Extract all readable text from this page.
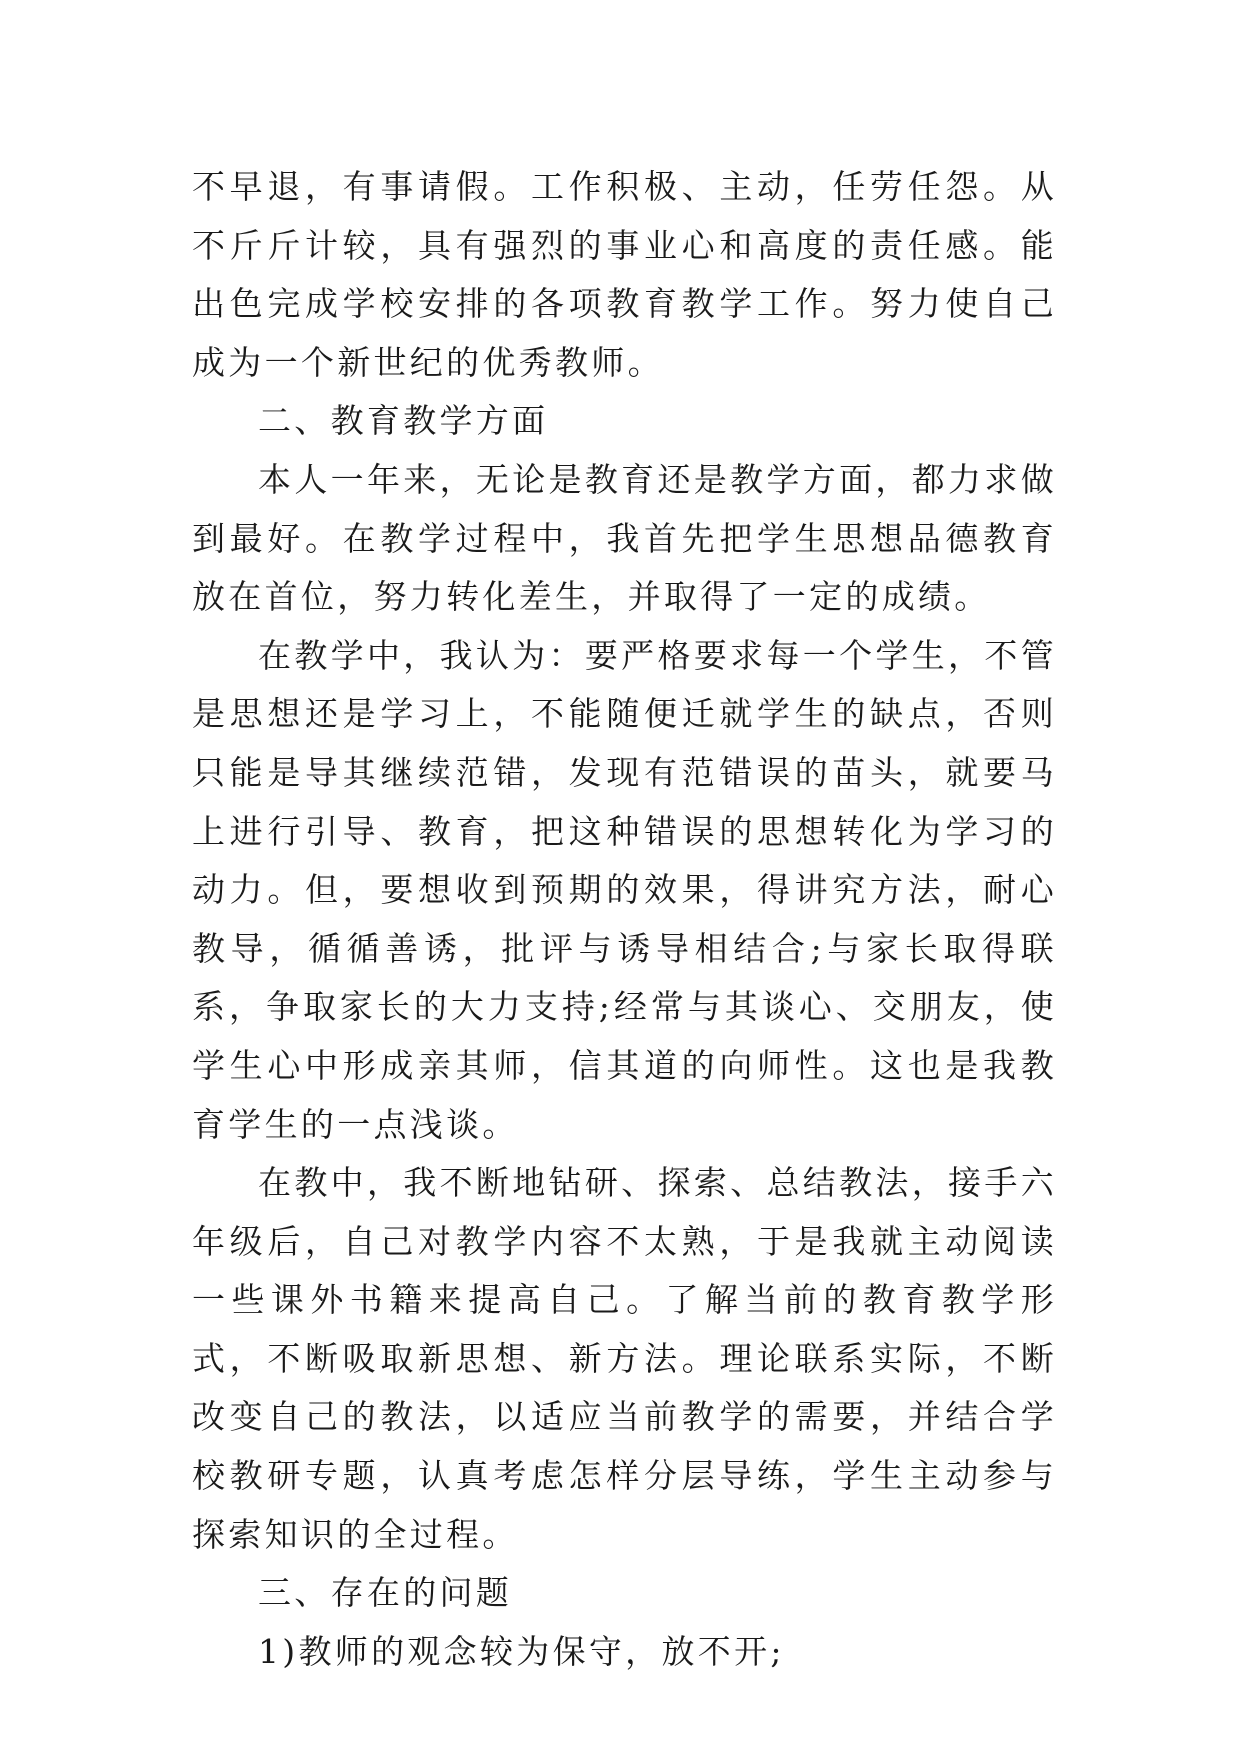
不早退，有事请假。工作积极、主动，任劳任怨。从不斤斤计较，具有强烈的事业心和高度的责任感。能出色完成学校安排的各项教育教学工作。努力使自己成为一个新世纪的优秀教师。

二、教育教学方面

本人一年来，无论是教育还是教学方面，都力求做到最好。在教学过程中，我首先把学生思想品德教育放在首位，努力转化差生，并取得了一定的成绩。

在教学中，我认为：要严格要求每一个学生，不管是思想还是学习上，不能随便迁就学生的缺点，否则只能是导其继续范错，发现有范错误的苗头，就要马上进行引导、教育，把这种错误的思想转化为学习的动力。但，要想收到预期的效果，得讲究方法，耐心教导，循循善诱，批评与诱导相结合;与家长取得联系，争取家长的大力支持;经常与其谈心、交朋友，使学生心中形成亲其师，信其道的向师性。这也是我教育学生的一点浅谈。

在教中，我不断地钻研、探索、总结教法，接手六年级后，自己对教学内容不太熟，于是我就主动阅读一些课外书籍来提高自己。了解当前的教育教学形式，不断吸取新思想、新方法。理论联系实际，不断改变自己的教法，以适应当前教学的需要，并结合学校教研专题，认真考虑怎样分层导练，学生主动参与探索知识的全过程。

三、存在的问题

1)教师的观念较为保守，放不开;
